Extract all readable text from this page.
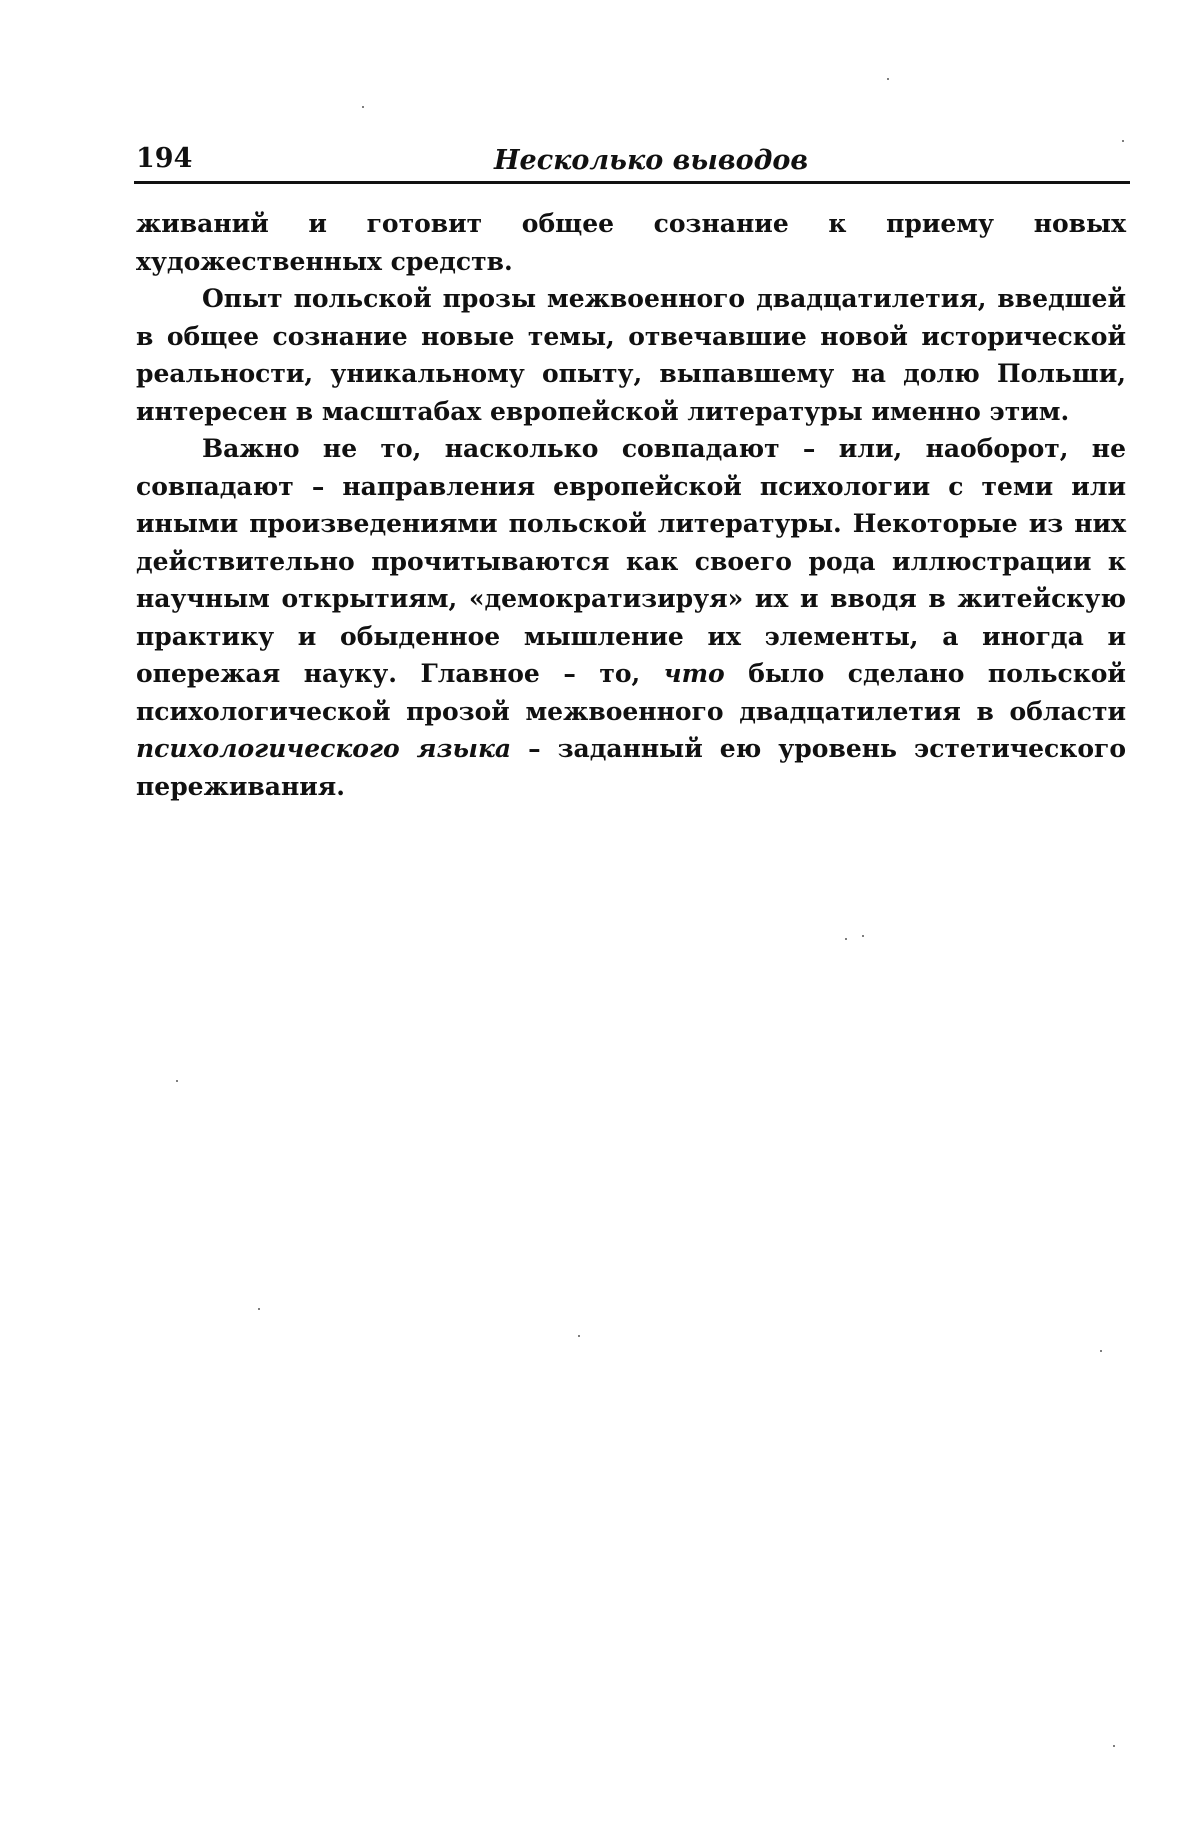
194	Несколько выводов

живаний и готовит общее сознание к приему новых художественных средств.

Опыт польской прозы межвоенного двадцатилетия, введшей в общее сознание новые темы, отвечавшие новой исторической реальности, уникальному опыту, выпавшему на долю Польши, интересен в масштабах европейской литературы именно этим.

Важно не то, насколько совпадают – или, наоборот, не совпадают – направления европейской психологии с теми или иными произведениями польской литературы. Некоторые из них действительно прочитываются как своего рода иллюстрации к научным открытиям, «демократизируя» их и вводя в житейскую практику и обыденное мышление их элементы, а иногда и опережая науку. Главное – то, что было сделано польской психологической прозой межвоенного двадцатилетия в области психологического языка – заданный ею уровень эстетического переживания.
